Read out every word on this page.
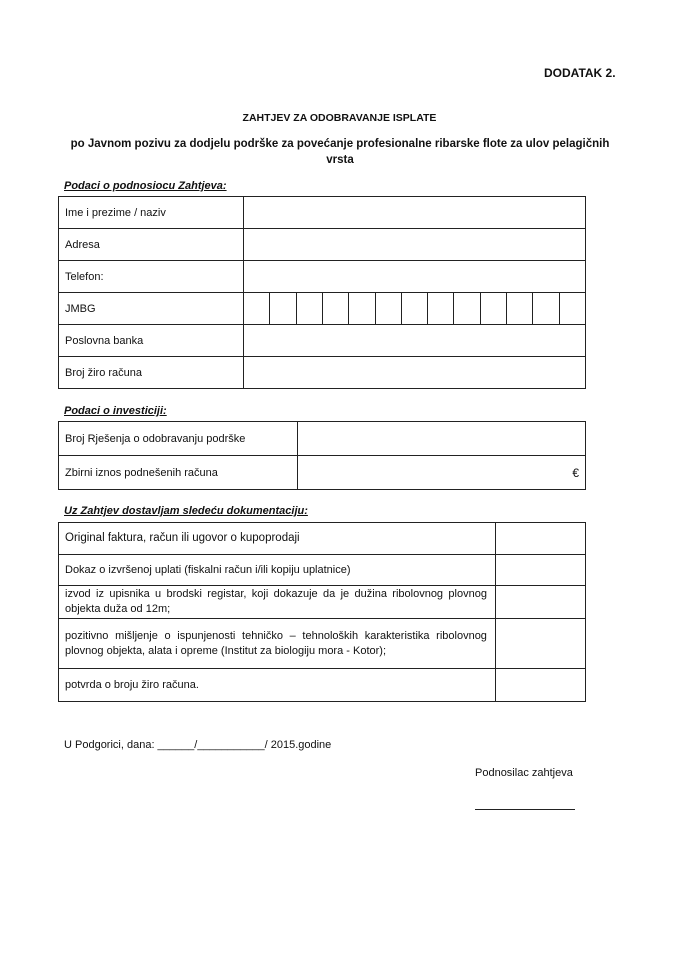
DODATAK 2.
ZAHTJEV ZA ODOBRAVANJE ISPLATE
po Javnom pozivu za dodjelu podrške za povećanje profesionalne ribarske flote za ulov pelagičnih vrsta
Podaci o podnosiocu Zahtjeva:
Ime i prezime / naziv													
Adresa													
Telefon:													
JMBG													
Poslovna banka													
Broj žiro računa													
Podaci o investiciji:
Broj Rješenja o odobravanju podrške	
Zbirni iznos podnešenih računa	€
Uz Zahtjev dostavljam sledeću dokumentaciju:
Original faktura, račun ili ugovor o kupoprodaji	
Dokaz o izvršenoj uplati (fiskalni račun i/ili kopiju uplatnice)	
izvod iz upisnika u brodski registar, koji dokazuje da je dužina ribolovnog plovnog objekta duža od 12m;	
pozitivno mišljenje o ispunjenosti tehničko – tehnoloških karakteristika ribolovnog plovnog objekta, alata i opreme (Institut za biologiju mora - Kotor);	
potvrda o broju žiro računa.	
U Podgorici, dana: ______/___________/ 2015.godine
Podnosilac zahtjeva
